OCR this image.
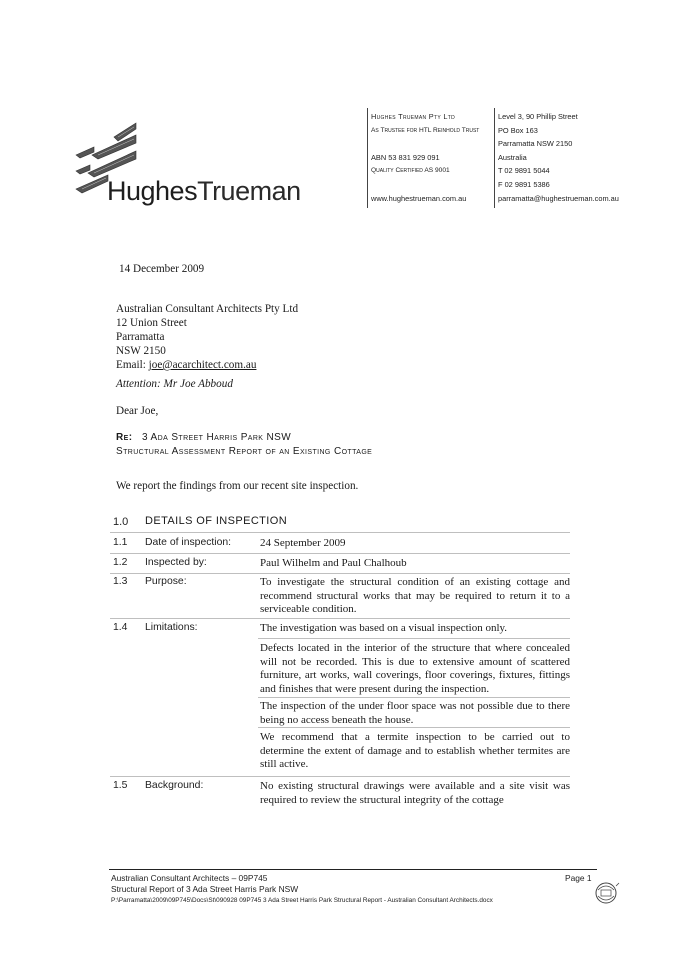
HughesTrueman
Hughes Trueman Pty Ltd
As Trustee for HTL Reinhold Trust
ABN 53 831 929 091
Quality Certified AS 9001
www.hughestrueman.com.au
Level 3, 90 Phillip Street
PO Box 163
Parramatta NSW 2150
Australia
T 02 9891 5044
F 02 9891 5386
parramatta@hughestrueman.com.au
14 December 2009
Australian Consultant Architects Pty Ltd
12 Union Street
Parramatta
NSW 2150
Email: joe@acarchitect.com.au
Attention: Mr Joe Abboud
Dear Joe,
Re: 3 Ada Street Harris Park NSW
Structural Assessment Report of an Existing Cottage
We report the findings from our recent site inspection.
1.0 DETAILS OF INSPECTION
1.1 Date of inspection:	24 September 2009
1.2 Inspected by:	Paul Wilhelm and Paul Chalhoub
1.3 Purpose:	To investigate the structural condition of an existing cottage and recommend structural works that may be required to return it to a serviceable condition.
1.4 Limitations:	The investigation was based on a visual inspection only.
Defects located in the interior of the structure that where concealed will not be recorded. This is due to extensive amount of scattered furniture, art works, wall coverings, floor coverings, fixtures, fittings and finishes that were present during the inspection.
The inspection of the under floor space was not possible due to there being no access beneath the house.
We recommend that a termite inspection to be carried out to determine the extent of damage and to establish whether termites are still active.
1.5 Background:	No existing structural drawings were available and a site visit was required to review the structural integrity of the cottage
Australian Consultant Architects – 09P745
Structural Report of 3 Ada Street Harris Park NSW
P:\Parramatta\2009\09P745\Docs\St\090928 09P745 3 Ada Street Harris Park Structural Report - Australian Consultant Architects.docx
Page 1
